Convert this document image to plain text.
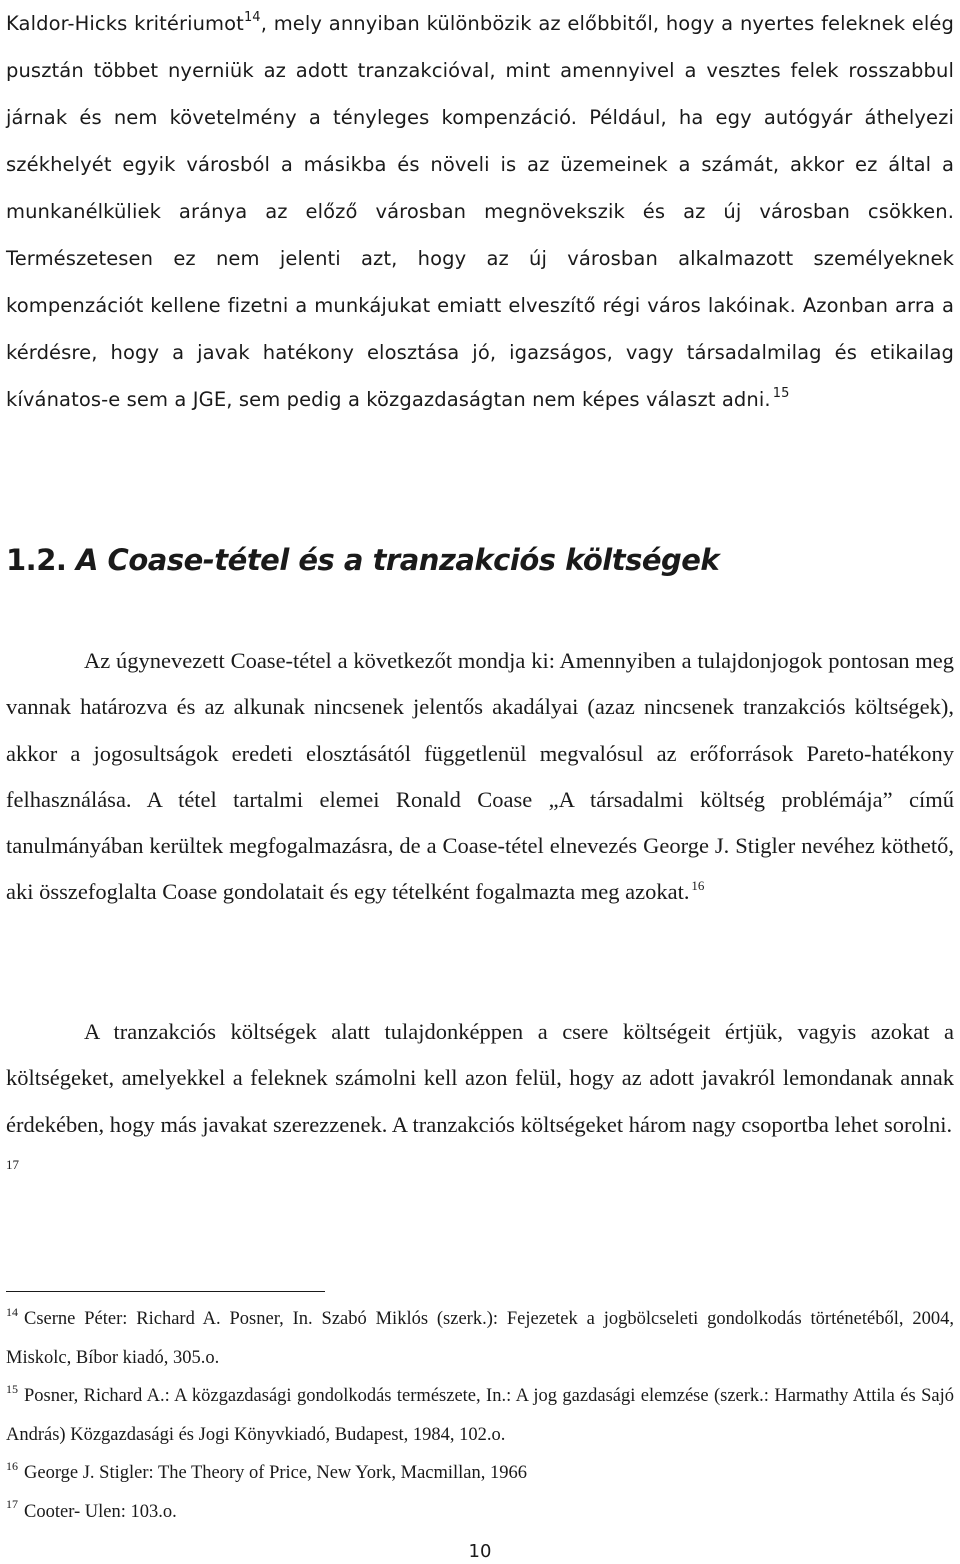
Kaldor-Hicks kritériumot$^{14}$, mely annyiban különbözik az előbbitől, hogy a nyertes feleknek elég pusztán többet nyerniük az adott tranzakcióval, mint amennyivel a vesztes felek rosszabbul járnak és nem követelmény a tényleges kompenzáció. Például, ha egy autógyár áthelyezi székhelyét egyik városból a másikba és növeli is az üzemeinek a számát, akkor ez által a munkanélküliek aránya az előző városban megnövekszik és az új városban csökken. Természetesen ez nem jelenti azt, hogy az új városban alkalmazott személyeknek kompenzációt kellene fizetni a munkájukat emiatt elveszítő régi város lakóinak. Azonban arra a kérdésre, hogy a javak hatékony elosztása jó, igazságos, vagy társadalmilag és etikailag kívánatos-e sem a JGE, sem pedig a közgazdaságtan nem képes választ adni.  $^{15}$

1.2. A Coase-tétel és a tranzakciós költségek

Az úgynevezett Coase-tétel a következőt mondja ki: Amennyiben a tulajdonjogok pontosan meg vannak határozva és az alkunak nincsenek jelentős akadályai (azaz nincsenek tranzakciós költségek), akkor a jogosultságok eredeti elosztásától függetlenül megvalósul az erőforrások Pareto-hatékony felhasználása. A tétel tartalmi elemei Ronald Coase „A társadalmi költség problémája” című tanulmányában kerültek megfogalmazásra, de a Coase-tétel elnevezés George J. Stigler nevéhez köthető, aki összefoglalta Coase gondolatait és egy tételként fogalmazta meg azokat.  $^{16}$

A tranzakciós költségek alatt tulajdonképpen a csere költségeit értjük, vagyis azokat a költségeket, amelyekkel a feleknek számolni kell azon felül, hogy az adott javakról lemondanak annak érdekében, hogy más javakat szerezzenek. A tranzakciós költségeket három nagy csoportba lehet sorolni. $^{17}$

$^{14}$ Cserne Péter: Richard A. Posner, In. Szabó Miklós (szerk.): Fejezetek a jogbölcseleti gondolkodás történetéből, 2004, Miskolc, Bíbor kiadó, 305.o.

$^{15}$ Posner, Richard A.: A közgazdasági gondolkodás természete, In.: A jog gazdasági elemzése (szerk.: Harmathy Attila és Sajó András) Közgazdasági és Jogi Könyvkiadó, Budapest, 1984, 102.o.

$^{16}$ George J. Stigler: The Theory of Price, New York, Macmillan, 1966

$^{17}$ Cooter- Ulen: 103.o.

10
